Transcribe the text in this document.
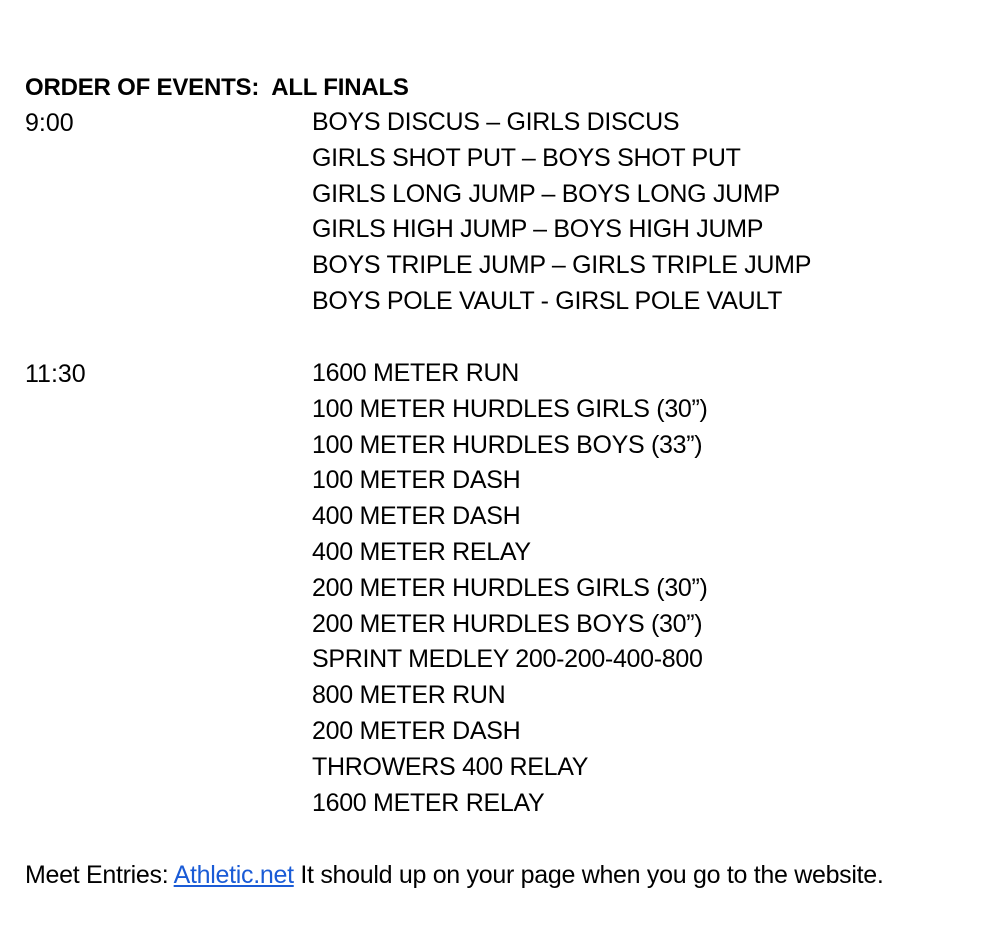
ORDER OF EVENTS:  ALL FINALS
9:00	BOYS DISCUS – GIRLS DISCUS
GIRLS SHOT PUT – BOYS SHOT PUT
GIRLS LONG JUMP – BOYS LONG JUMP
GIRLS HIGH JUMP – BOYS HIGH JUMP
BOYS TRIPLE JUMP – GIRLS TRIPLE JUMP
BOYS POLE VAULT - GIRSL POLE VAULT
11:30	1600 METER RUN
100 METER HURDLES GIRLS (30”)
100 METER HURDLES BOYS (33”)
100 METER DASH
400 METER DASH
400 METER RELAY
200 METER HURDLES GIRLS (30”)
200 METER HURDLES BOYS (30”)
SPRINT MEDLEY 200-200-400-800
800 METER RUN
200 METER DASH
THROWERS 400 RELAY
1600 METER RELAY
Meet Entries: Athletic.net It should up on your page when you go to the website.
